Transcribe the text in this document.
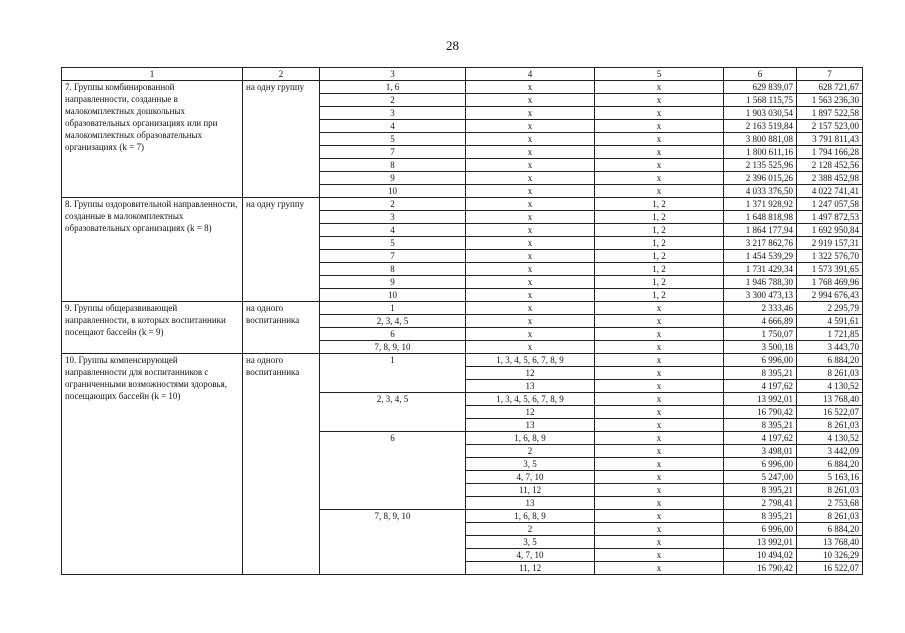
28
1	2	3	4	5	6	7
7. Группы комбинированной направленности, созданные в малокомплектных дошкольных образовательных организациях или при малокомплектных образовательных организациях (k = 7)	на одну группу	1, 6	х	х	629 839,07	628 721,67
		2	х	х	1 568 115,75	1 563 236,30
		3	х	х	1 903 030,54	1 897 522,58
		4	х	х	2 163 519,84	2 157 523,00
		5	х	х	3 800 881,08	3 791 811,43
		7	х	х	1 800 611,16	1 794 166,28
		8	х	х	2 135 525,96	2 128 452,56
		9	х	х	2 396 015,26	2 388 452,98
		10	х	х	4 033 376,50	4 022 741,41
8. Группы оздоровительной направленности, созданные в малокомплектных образовательных организациях (k = 8)	на одну группу	2	х	1, 2	1 371 928,92	1 247 057,58
		3	х	1, 2	1 648 818,98	1 497 872,53
		4	х	1, 2	1 864 177,94	1 692 950,84
		5	х	1, 2	3 217 862,76	2 919 157,31
		7	х	1, 2	1 454 539,29	1 322 576,70
		8	х	1, 2	1 731 429,34	1 573 391,65
		9	х	1, 2	1 946 788,30	1 768 469,96
		10	х	1, 2	3 300 473,13	2 994 676,43
9. Группы общеразвивающей направленности, в которых воспитанники посещают бассейн (k = 9)	на одного воспитанника	1	х	х	2 333,46	2 295,79
		2, 3, 4, 5	х	х	4 666,89	4 591,61
		6	х	х	1 750,07	1 721,85
		7, 8, 9, 10	х	х	3 500,18	3 443,70
10. Группы компенсирующей направленности для воспитанников с ограниченными возможностями здоровья, посещающих бассейн (k = 10)	на одного воспитанника	1	1, 3, 4, 5, 6, 7, 8, 9	х	6 996,00	6 884,20
			12	х	8 395,21	8 261,03
			13	х	4 197,62	4 130,52
		2, 3, 4, 5	1, 3, 4, 5, 6, 7, 8, 9	х	13 992,01	13 768,40
			12	х	16 790,42	16 522,07
			13	х	8 395,21	8 261,03
		6	1, 6, 8, 9	х	4 197,62	4 130,52
			2	х	3 498,01	3 442,09
			3, 5	х	6 996,00	6 884,20
			4, 7, 10	х	5 247,00	5 163,16
			11, 12	х	8 395,21	8 261,03
			13	х	2 798,41	2 753,68
		7, 8, 9, 10	1, 6, 8, 9	х	8 395,21	8 261,03
			2	х	6 996,00	6 884,20
			3, 5	х	13 992,01	13 768,40
			4, 7, 10	х	10 494,02	10 326,29
			11, 12	х	16 790,42	16 522,07
